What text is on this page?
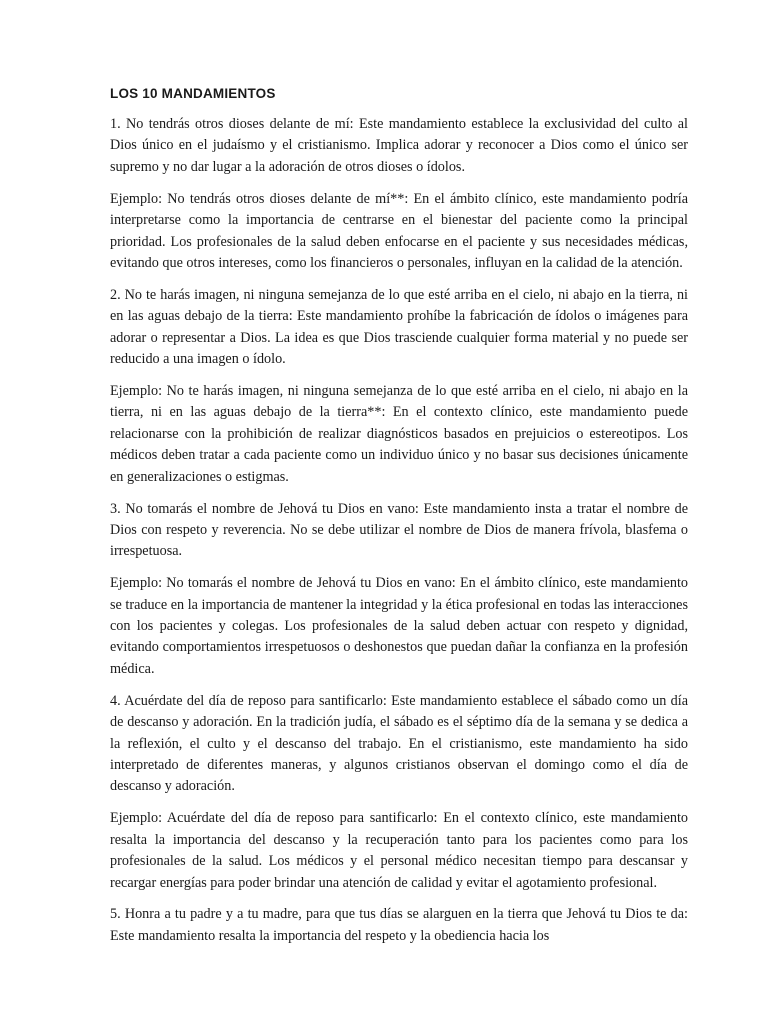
LOS 10 MANDAMIENTOS

1. No tendrás otros dioses delante de mí: Este mandamiento establece la exclusividad del culto al Dios único en el judaísmo y el cristianismo. Implica adorar y reconocer a Dios como el único ser supremo y no dar lugar a la adoración de otros dioses o ídolos.

Ejemplo: No tendrás otros dioses delante de mí**: En el ámbito clínico, este mandamiento podría interpretarse como la importancia de centrarse en el bienestar del paciente como la principal prioridad. Los profesionales de la salud deben enfocarse en el paciente y sus necesidades médicas, evitando que otros intereses, como los financieros o personales, influyan en la calidad de la atención.

2. No te harás imagen, ni ninguna semejanza de lo que esté arriba en el cielo, ni abajo en la tierra, ni en las aguas debajo de la tierra: Este mandamiento prohíbe la fabricación de ídolos o imágenes para adorar o representar a Dios. La idea es que Dios trasciende cualquier forma material y no puede ser reducido a una imagen o ídolo.

Ejemplo: No te harás imagen, ni ninguna semejanza de lo que esté arriba en el cielo, ni abajo en la tierra, ni en las aguas debajo de la tierra**: En el contexto clínico, este mandamiento puede relacionarse con la prohibición de realizar diagnósticos basados en prejuicios o estereotipos. Los médicos deben tratar a cada paciente como un individuo único y no basar sus decisiones únicamente en generalizaciones o estigmas.

3. No tomarás el nombre de Jehová tu Dios en vano: Este mandamiento insta a tratar el nombre de Dios con respeto y reverencia. No se debe utilizar el nombre de Dios de manera frívola, blasfema o irrespetuosa.

Ejemplo: No tomarás el nombre de Jehová tu Dios en vano: En el ámbito clínico, este mandamiento se traduce en la importancia de mantener la integridad y la ética profesional en todas las interacciones con los pacientes y colegas. Los profesionales de la salud deben actuar con respeto y dignidad, evitando comportamientos irrespetuosos o deshonestos que puedan dañar la confianza en la profesión médica.

4. Acuérdate del día de reposo para santificarlo: Este mandamiento establece el sábado como un día de descanso y adoración. En la tradición judía, el sábado es el séptimo día de la semana y se dedica a la reflexión, el culto y el descanso del trabajo. En el cristianismo, este mandamiento ha sido interpretado de diferentes maneras, y algunos cristianos observan el domingo como el día de descanso y adoración.

Ejemplo: Acuérdate del día de reposo para santificarlo: En el contexto clínico, este mandamiento resalta la importancia del descanso y la recuperación tanto para los pacientes como para los profesionales de la salud. Los médicos y el personal médico necesitan tiempo para descansar y recargar energías para poder brindar una atención de calidad y evitar el agotamiento profesional.

5. Honra a tu padre y a tu madre, para que tus días se alarguen en la tierra que Jehová tu Dios te da: Este mandamiento resalta la importancia del respeto y la obediencia hacia los
